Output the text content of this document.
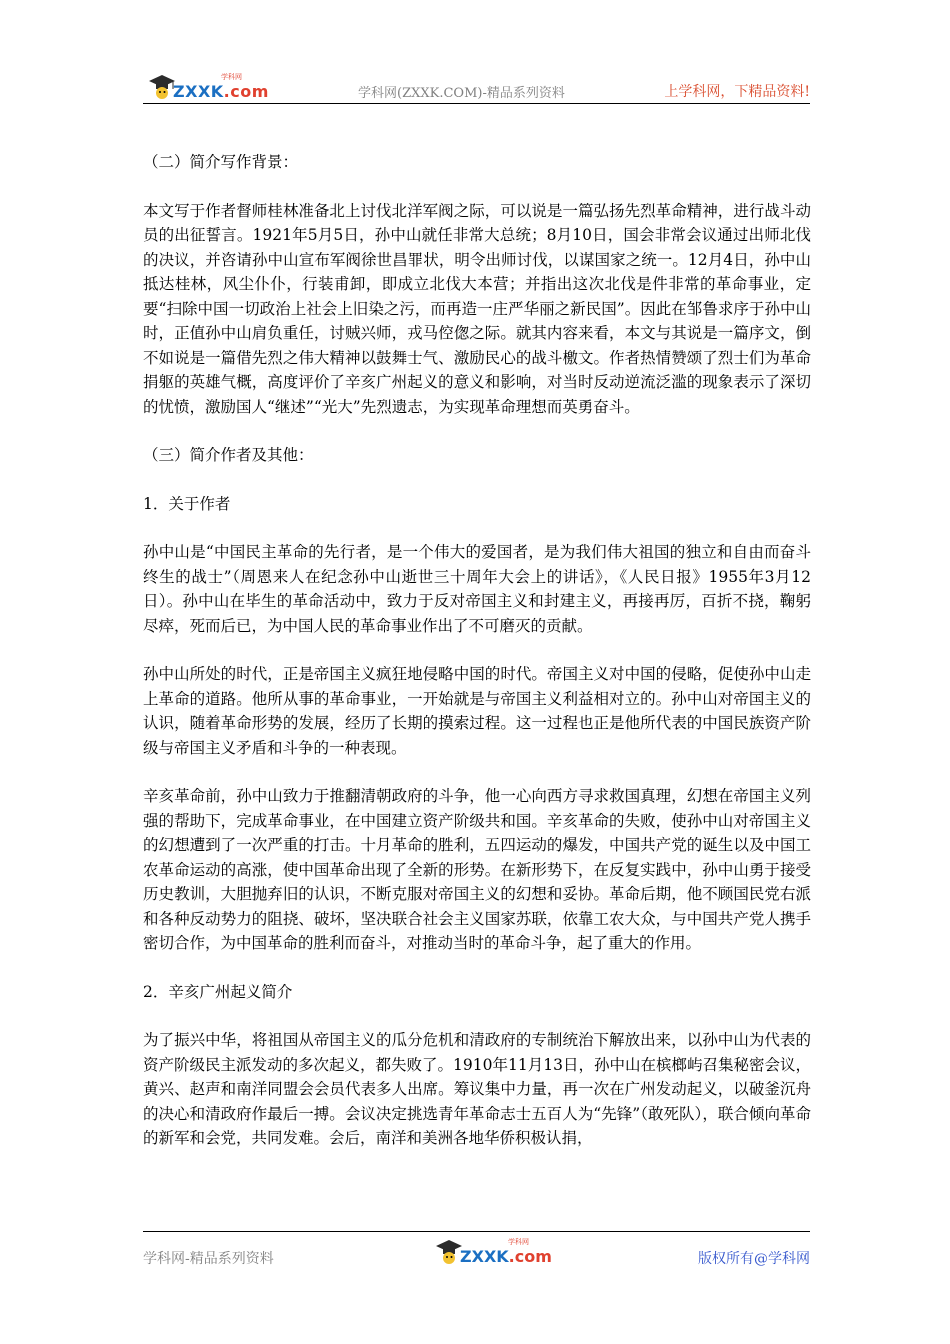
ZXXK.com
学科网
学科网(ZXXK.COM)-精品系列资料	上学科网，下精品资料!

（二）简介写作背景：

本文写于作者督师桂林准备北上讨伐北洋军阀之际，可以说是一篇弘扬先烈革命精神，进行战斗动员的出征誓言。1921年5月5日，孙中山就任非常大总统；8月10日，国会非常会议通过出师北伐的决议，并咨请孙中山宣布军阀徐世昌罪状，明令出师讨伐，以谋国家之统一。12月4日，孙中山抵达桂林，风尘仆仆，行装甫卸，即成立北伐大本营；并指出这次北伐是件非常的革命事业，定要“扫除中国一切政治上社会上旧染之污，而再造一庄严华丽之新民国”。因此在邹鲁求序于孙中山时，正值孙中山肩负重任，讨贼兴师，戎马倥偬之际。就其内容来看，本文与其说是一篇序文，倒不如说是一篇借先烈之伟大精神以鼓舞士气、激励民心的战斗檄文。作者热情赞颂了烈士们为革命捐躯的英雄气概，高度评价了辛亥广州起义的意义和影响，对当时反动逆流泛滥的现象表示了深切的忧愤，激励国人“继述”“光大”先烈遗志，为实现革命理想而英勇奋斗。

（三）简介作者及其他：

1．关于作者

孙中山是“中国民主革命的先行者，是一个伟大的爱国者，是为我们伟大祖国的独立和自由而奋斗终生的战士”（周恩来人在纪念孙中山逝世三十周年大会上的讲话》，《人民日报》1955年3月12日）。孙中山在毕生的革命活动中，致力于反对帝国主义和封建主义，再接再厉，百折不挠，鞠躬尽瘁，死而后已，为中国人民的革命事业作出了不可磨灭的贡献。

孙中山所处的时代，正是帝国主义疯狂地侵略中国的时代。帝国主义对中国的侵略，促使孙中山走上革命的道路。他所从事的革命事业，一开始就是与帝国主义利益相对立的。孙中山对帝国主义的认识，随着革命形势的发展，经历了长期的摸索过程。这一过程也正是他所代表的中国民族资产阶级与帝国主义矛盾和斗争的一种表现。

辛亥革命前，孙中山致力于推翻清朝政府的斗争，他一心向西方寻求救国真理，幻想在帝国主义列强的帮助下，完成革命事业，在中国建立资产阶级共和国。辛亥革命的失败，使孙中山对帝国主义的幻想遭到了一次严重的打击。十月革命的胜利，五四运动的爆发，中国共产党的诞生以及中国工农革命运动的高涨，使中国革命出现了全新的形势。在新形势下，在反复实践中，孙中山勇于接受历史教训，大胆抛弃旧的认识，不断克服对帝国主义的幻想和妥协。革命后期，他不顾国民党右派和各种反动势力的阻挠、破坏，坚决联合社会主义国家苏联，依靠工农大众，与中国共产党人携手密切合作，为中国革命的胜利而奋斗，对推动当时的革命斗争，起了重大的作用。

2．辛亥广州起义简介

为了振兴中华，将祖国从帝国主义的瓜分危机和清政府的专制统治下解放出来，以孙中山为代表的资产阶级民主派发动的多次起义，都失败了。1910年11月13日，孙中山在槟榔屿召集秘密会议，黄兴、赵声和南洋同盟会会员代表多人出席。筹议集中力量，再一次在广州发动起义，以破釜沉舟的决心和清政府作最后一搏。会议决定挑选青年革命志士五百人为“先锋”（敢死队），联合倾向革命的新军和会党，共同发难。会后，南洋和美洲各地华侨积极认捐，

学科网-精品系列资料	ZXXK.com
学科网
版权所有@学科网
